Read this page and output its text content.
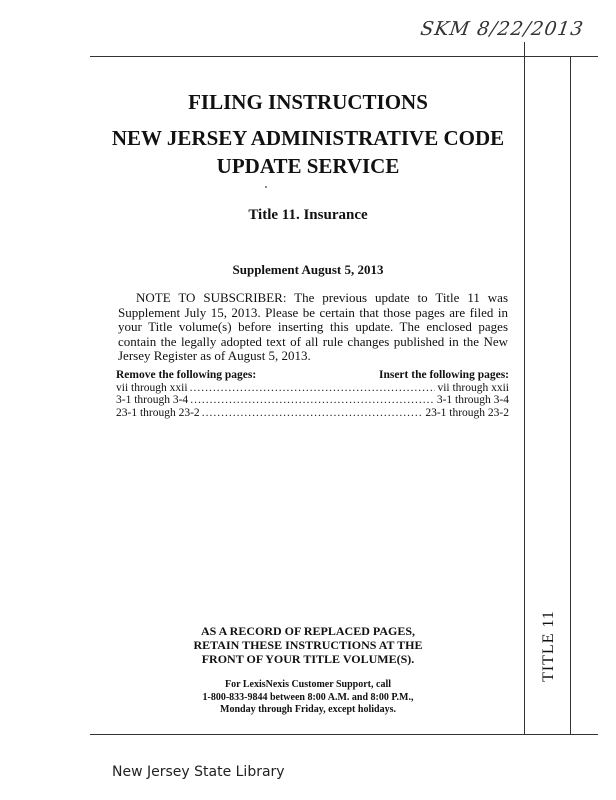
SKM 8/22/2013
TITLE 11
FILING INSTRUCTIONS
NEW JERSEY ADMINISTRATIVE CODE
UPDATE SERVICE
Title 11. Insurance
Supplement August 5, 2013
NOTE TO SUBSCRIBER: The previous update to Title 11 was Supplement July 15, 2013. Please be certain that those pages are filed in your Title volume(s) before inserting this update. The enclosed pages contain the legally adopted text of all rule changes published in the New Jersey Register as of August 5, 2013.
Remove the following pages:	Insert the following pages:
vii through xxii .....	vii through xxii
3-1 through 3-4 .....	3-1 through 3-4
23-1 through 23-2 .....	23-1 through 23-2
AS A RECORD OF REPLACED PAGES,
RETAIN THESE INSTRUCTIONS AT THE
FRONT OF YOUR TITLE VOLUME(S).
For LexisNexis Customer Support, call
1-800-833-9844 between 8:00 A.M. and 8:00 P.M.,
Monday through Friday, except holidays.
New Jersey State Library
